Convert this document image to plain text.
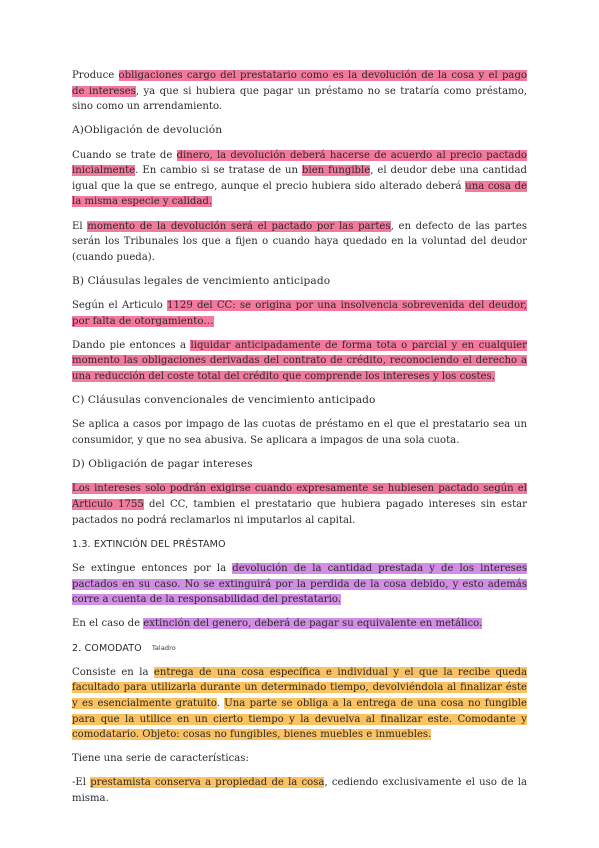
Produce obligaciones cargo del prestatario como es la devolución de la cosa y el pago de intereses, ya que si hubiera que pagar un préstamo no se trataría como préstamo, sino como un arrendamiento.

A)Obligación de devolución

Cuando se trate de dinero, la devolución deberá hacerse de acuerdo al precio pactado inicialmente. En cambio si se tratase de un bien fungible, el deudor debe una cantidad igual que la que se entrego, aunque el precio hubiera sido alterado deberá una cosa de la misma especie y calidad.

El momento de la devolución será el pactado por las partes, en defecto de las partes serán los Tribunales los que a fijen o cuando haya quedado en la voluntad del deudor (cuando pueda).

B) Cláusulas legales de vencimiento anticipado

Según el Articulo 1129 del CC: se origina por una insolvencia sobrevenida del deudor, por falta de otorgamiento…

Dando pie entonces a liquidar anticipadamente de forma tota o parcial y en cualquier momento las obligaciones derivadas del contrato de crédito, reconociendo el derecho a una reducción del coste total del crédito que comprende los intereses y los costes.

C) Cláusulas convencionales de vencimiento anticipado

Se aplica a casos por impago de las cuotas de préstamo en el que el prestatario sea un consumidor, y que no sea abusiva. Se aplicara a impagos de una sola cuota.

D) Obligación de pagar intereses

Los intereses solo podrán exigirse cuando expresamente se hubiesen pactado según el Articulo 1755 del CC, tambien el prestatario que hubiera pagado intereses sin estar pactados no podrá reclamarlos ni imputarlos al capital.

1.3. EXTINCIÓN DEL PRÉSTAMO

Se extingue entonces por la devolución de la cantidad prestada y de los intereses pactados en su caso. No se extinguirá por la perdida de la cosa debido, y esto además corre a cuenta de la responsabilidad del prestatario.

En el caso de extinción del genero, deberá de pagar su equivalente en metálico.

2. COMODATO Taladro

Consiste en la entrega de una cosa específica e individual y el que la recibe queda facultado para utilizarla durante un determinado tiempo, devolviéndola al finalizar éste y es esencialmente gratuito. Una parte se obliga a la entrega de una cosa no fungible para que la utilice en un cierto tiempo y la devuelva al finalizar este. Comodante y comodatario. Objeto: cosas no fungibles, bienes muebles e inmuebles.

Tiene una serie de características:

-El prestamista conserva a propiedad de la cosa, cediendo exclusivamente el uso de la misma.
